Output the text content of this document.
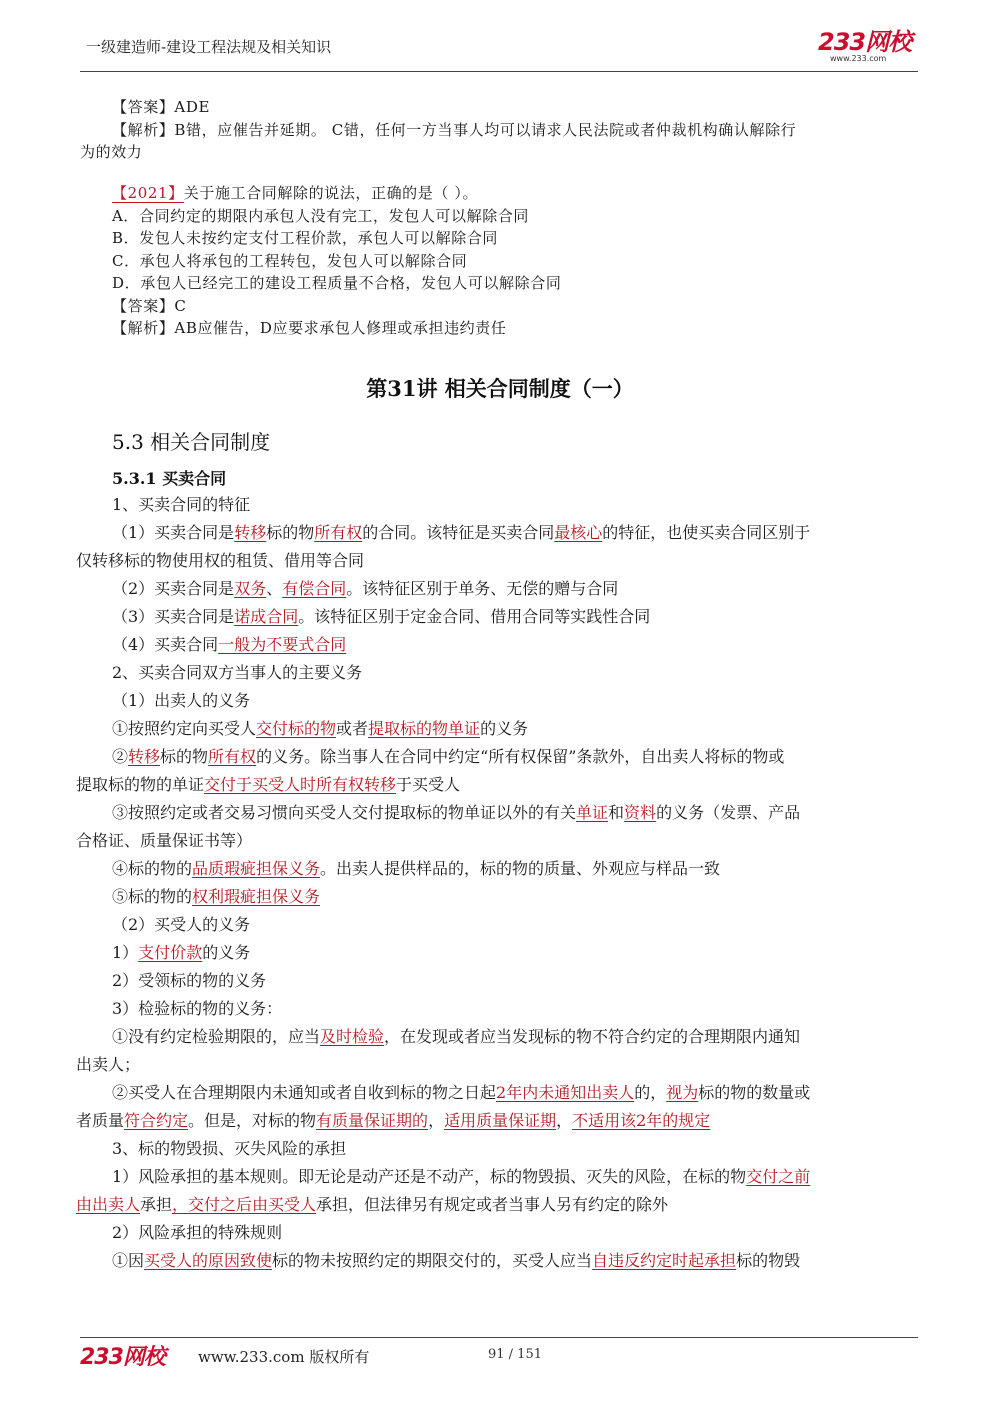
一级建造师-建设工程法规及相关知识	233网校
www.233.com
【答案】ADE
【解析】B错，应催告并延期。 C错，任何一方当事人均可以请求人民法院或者仲裁机构确认解除行
为的效力
【2021】关于施工合同解除的说法，正确的是（ ）。
A．合同约定的期限内承包人没有完工，发包人可以解除合同
B．发包人未按约定支付工程价款，承包人可以解除合同
C．承包人将承包的工程转包，发包人可以解除合同
D．承包人已经完工的建设工程质量不合格，发包人可以解除合同
【答案】C
【解析】AB应催告，D应要求承包人修理或承担违约责任
第31讲 相关合同制度（一）
5.3 相关合同制度
5.3.1 买卖合同
1、买卖合同的特征
（1）买卖合同是转移标的物所有权的合同。该特征是买卖合同最核心的特征，也使买卖合同区别于
仅转移标的物使用权的租赁、借用等合同
（2）买卖合同是双务、有偿合同。该特征区别于单务、无偿的赠与合同
（3）买卖合同是诺成合同。该特征区别于定金合同、借用合同等实践性合同
（4）买卖合同一般为不要式合同
2、买卖合同双方当事人的主要义务
（1）出卖人的义务
①按照约定向买受人交付标的物或者提取标的物单证的义务
②转移标的物所有权的义务。除当事人在合同中约定“所有权保留”条款外，自出卖人将标的物或
提取标的物的单证交付于买受人时所有权转移于买受人
③按照约定或者交易习惯向买受人交付提取标的物单证以外的有关单证和资料的义务（发票、产品
合格证、质量保证书等）
④标的物的品质瑕疵担保义务。出卖人提供样品的，标的物的质量、外观应与样品一致
⑤标的物的权利瑕疵担保义务
（2）买受人的义务
1）支付价款的义务
2）受领标的物的义务
3）检验标的物的义务：
①没有约定检验期限的，应当及时检验，在发现或者应当发现标的物不符合约定的合理期限内通知
出卖人；
②买受人在合理期限内未通知或者自收到标的物之日起2年内未通知出卖人的，视为标的物的数量或
者质量符合约定。但是，对标的物有质量保证期的，适用质量保证期，不适用该2年的规定
3、标的物毁损、灭失风险的承担
1）风险承担的基本规则。即无论是动产还是不动产，标的物毁损、灭失的风险，在标的物交付之前
由出卖人承担，交付之后由买受人承担，但法律另有规定或者当事人另有约定的除外
2）风险承担的特殊规则
①因买受人的原因致使标的物未按照约定的期限交付的，买受人应当自违反约定时起承担标的物毁
233网校 www.233.com 版权所有	91 / 151
